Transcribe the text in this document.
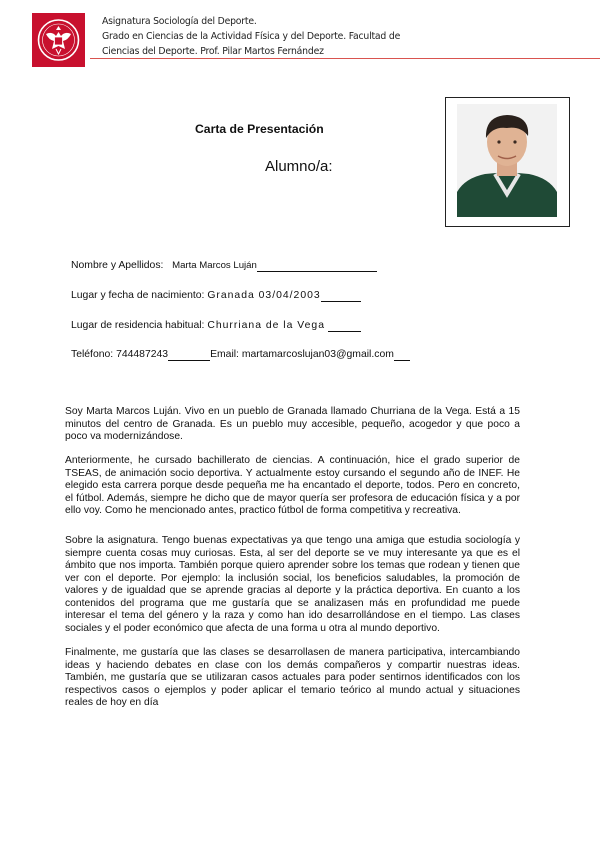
Asignatura Sociología del Deporte.
Grado en Ciencias de la Actividad Física y del Deporte. Facultad de
Ciencias del Deporte. Prof. Pilar Martos Fernández
Carta de Presentación
Alumno/a:
Nombre y Apellidos: Marta Marcos Luján
Lugar y fecha de nacimiento: Granada 03/04/2003
Lugar de residencia habitual: Churriana de la Vega
Teléfono: 744487243	Email: martamarcoslujan03@gmail.com

Soy Marta Marcos Luján. Vivo en un pueblo de Granada llamado Churriana de la Vega. Está a 15 minutos del centro de Granada. Es un pueblo muy accesible, pequeño, acogedor y que poco a poco va modernizándose.

Anteriormente, he cursado bachillerato de ciencias. A continuación, hice el grado superior de TSEAS, de animación socio deportiva. Y actualmente estoy cursando el segundo año de INEF. He elegido esta carrera porque desde pequeña me ha encantado el deporte, todos. Pero en concreto, el fútbol. Además, siempre he dicho que de mayor quería ser profesora de educación física y a por ello voy. Como he mencionado antes, practico fútbol de forma competitiva y recreativa.

Sobre la asignatura. Tengo buenas expectativas ya que tengo una amiga que estudia sociología y siempre cuenta cosas muy curiosas. Esta, al ser del deporte se ve muy interesante ya que es el ámbito que nos importa. También porque quiero aprender sobre los temas que rodean y tienen que ver con el deporte. Por ejemplo: la inclusión social, los beneficios saludables, la promoción de valores y de igualdad que se aprende gracias al deporte y la práctica deportiva. En cuanto a los contenidos del programa que me gustaría que se analizasen más en profundidad me puede interesar el tema del género y la raza y como han ido desarrollándose en el tiempo. Las clases sociales y el poder económico que afecta de una forma u otra al mundo deportivo.

Finalmente, me gustaría que las clases se desarrollasen de manera participativa, intercambiando ideas y haciendo debates en clase con los demás compañeros y compartir nuestras ideas. También, me gustaría que se utilizaran casos actuales para poder sentirnos identificados con los respectivos casos o ejemplos y poder aplicar el temario teórico al mundo actual y situaciones reales de hoy en día
